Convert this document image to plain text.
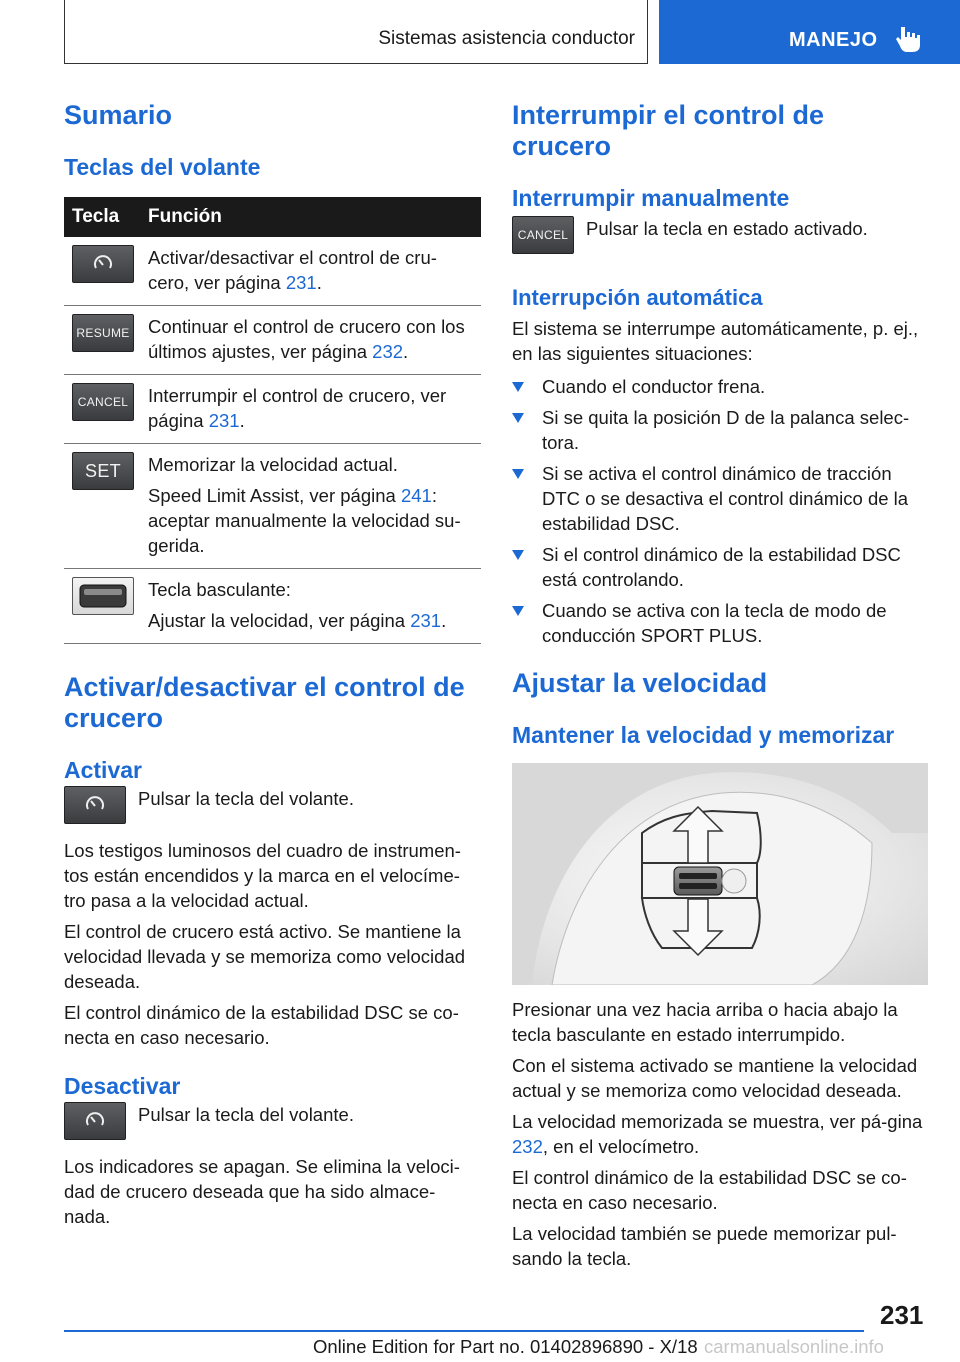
Sistemas asistencia conductor	MANEJO
Sumario
Teclas del volante
Tecla	Función

Activar/desactivar el control de cru-cero, ver página 231.

RESUME	Continuar el control de crucero con los últimos ajustes, ver página 232.

CANCEL	Interrumpir el control de crucero, ver página 231.

SET	Memorizar la velocidad actual.

Speed Limit Assist, ver página 241: aceptar manualmente la velocidad su-gerida.

Tecla basculante:

Ajustar la velocidad, ver página 231.

Activar/desactivar el control de crucero
Activar

Pulsar la tecla del volante.

Los testigos luminosos del cuadro de instrumen-tos están encendidos y la marca en el velocíme-tro pasa a la velocidad actual.

El control de crucero está activo. Se mantiene la velocidad llevada y se memoriza como velocidad deseada.

El control dinámico de la estabilidad DSC se co-necta en caso necesario.

Desactivar

Pulsar la tecla del volante.

Los indicadores se apagan. Se elimina la veloci-dad de crucero deseada que ha sido almace-nada.

Interrumpir el control de crucero
Interrumpir manualmente
CANCEL Pulsar la tecla en estado activado.

Interrupción automática

El sistema se interrumpe automáticamente, p. ej., en las siguientes situaciones:

Cuando el conductor frena.
Si se quita la posición D de la palanca selec-tora.
Si se activa el control dinámico de tracción DTC o se desactiva el control dinámico de la estabilidad DSC.
Si el control dinámico de la estabilidad DSC está controlando.
Cuando se activa con la tecla de modo de conducción SPORT PLUS.
Ajustar la velocidad
Mantener la velocidad y memorizar

Presionar una vez hacia arriba o hacia abajo la tecla basculante en estado interrumpido.

Con el sistema activado se mantiene la velocidad actual y se memoriza como velocidad deseada.

La velocidad memorizada se muestra, ver pá-gina 232, en el velocímetro.

El control dinámico de la estabilidad DSC se co-necta en caso necesario.

La velocidad también se puede memorizar pul-sando la tecla.

231
Online Edition for Part no. 01402896890 - X/18 carmanualsonline.info
